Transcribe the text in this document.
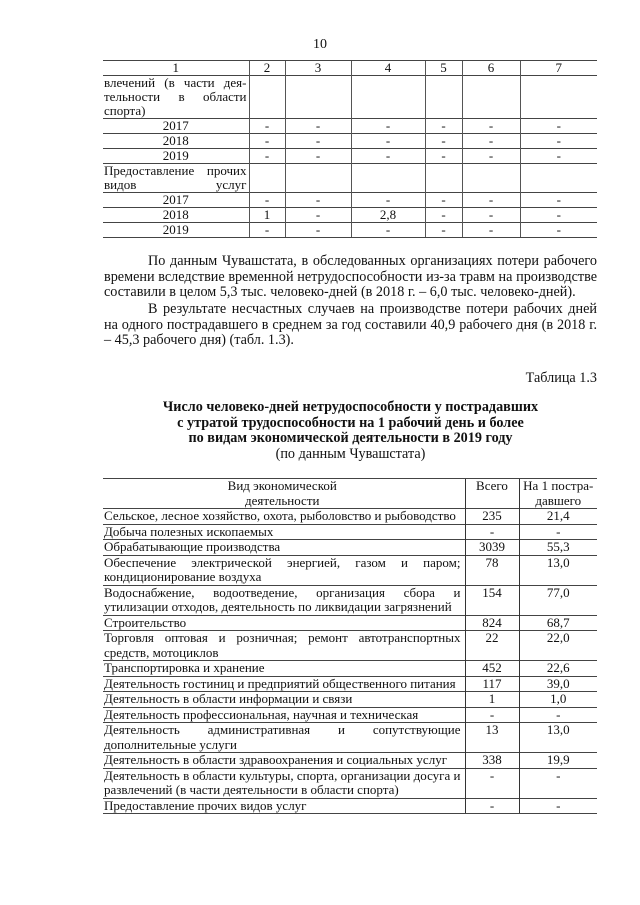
10
1	2	3	4	5	6	7

влечений (в части дея-
тельности в области
спорта)						

2017	-	-	-	-	-	-
2018	-	-	-	-	-	-
2019	-	-	-	-	-	-

Предоставление прочих
видов услуг						

2017	-	-	-	-	-	-
2018	1	-	2,8	-	-	-
2019	-	-	-	-	-	-

По данным Чувашстата, в обследованных организациях потери рабочего времени вследствие временной нетрудоспособности из-за травм на производстве составили в целом 5,3 тыс. человеко-дней (в 2018 г. – 6,0 тыс. человеко-дней).

В результате несчастных случаев на производстве потери рабочих дней на одного пострадавшего в среднем за год составили 40,9 рабочего дня (в 2018 г. – 45,3 рабочего дня) (табл. 1.3).

Таблица 1.3
Число человеко-дней нетрудоспособности у пострадавших
с утратой трудоспособности на 1 рабочий день и более
по видам экономической деятельности в 2019 году
(по данным Чувашстата)
Вид экономической
деятельности
	Всего	На 1 постра-
давшего

Сельское, лесное хозяйство, охота, рыболовство и рыбоводство	235	21,4
Добыча полезных ископаемых	-	-
Обрабатывающие производства	3039	55,3
Обеспечение электрической энергией, газом и паром; кондиционирование воздуха	78	13,0
Водоснабжение, водоотведение, организация сбора и утилизации отходов, деятельность по ликвидации загрязнений	154	77,0
Строительство	824	68,7
Торговля оптовая и розничная; ремонт автотранспортных средств, мотоциклов	22	22,0
Транспортировка и хранение	452	22,6
Деятельность гостиниц и предприятий общественного питания	117	39,0
Деятельность в области информации и связи	1	1,0
Деятельность профессиональная, научная и техническая	-	-
Деятельность административная и сопутствующие дополнительные услуги	13	13,0
Деятельность в области здравоохранения и социальных услуг	338	19,9
Деятельность в области культуры, спорта, организации досуга и развлечений (в части деятельности в области спорта)	-	-
Предоставление прочих видов услуг	-	-
